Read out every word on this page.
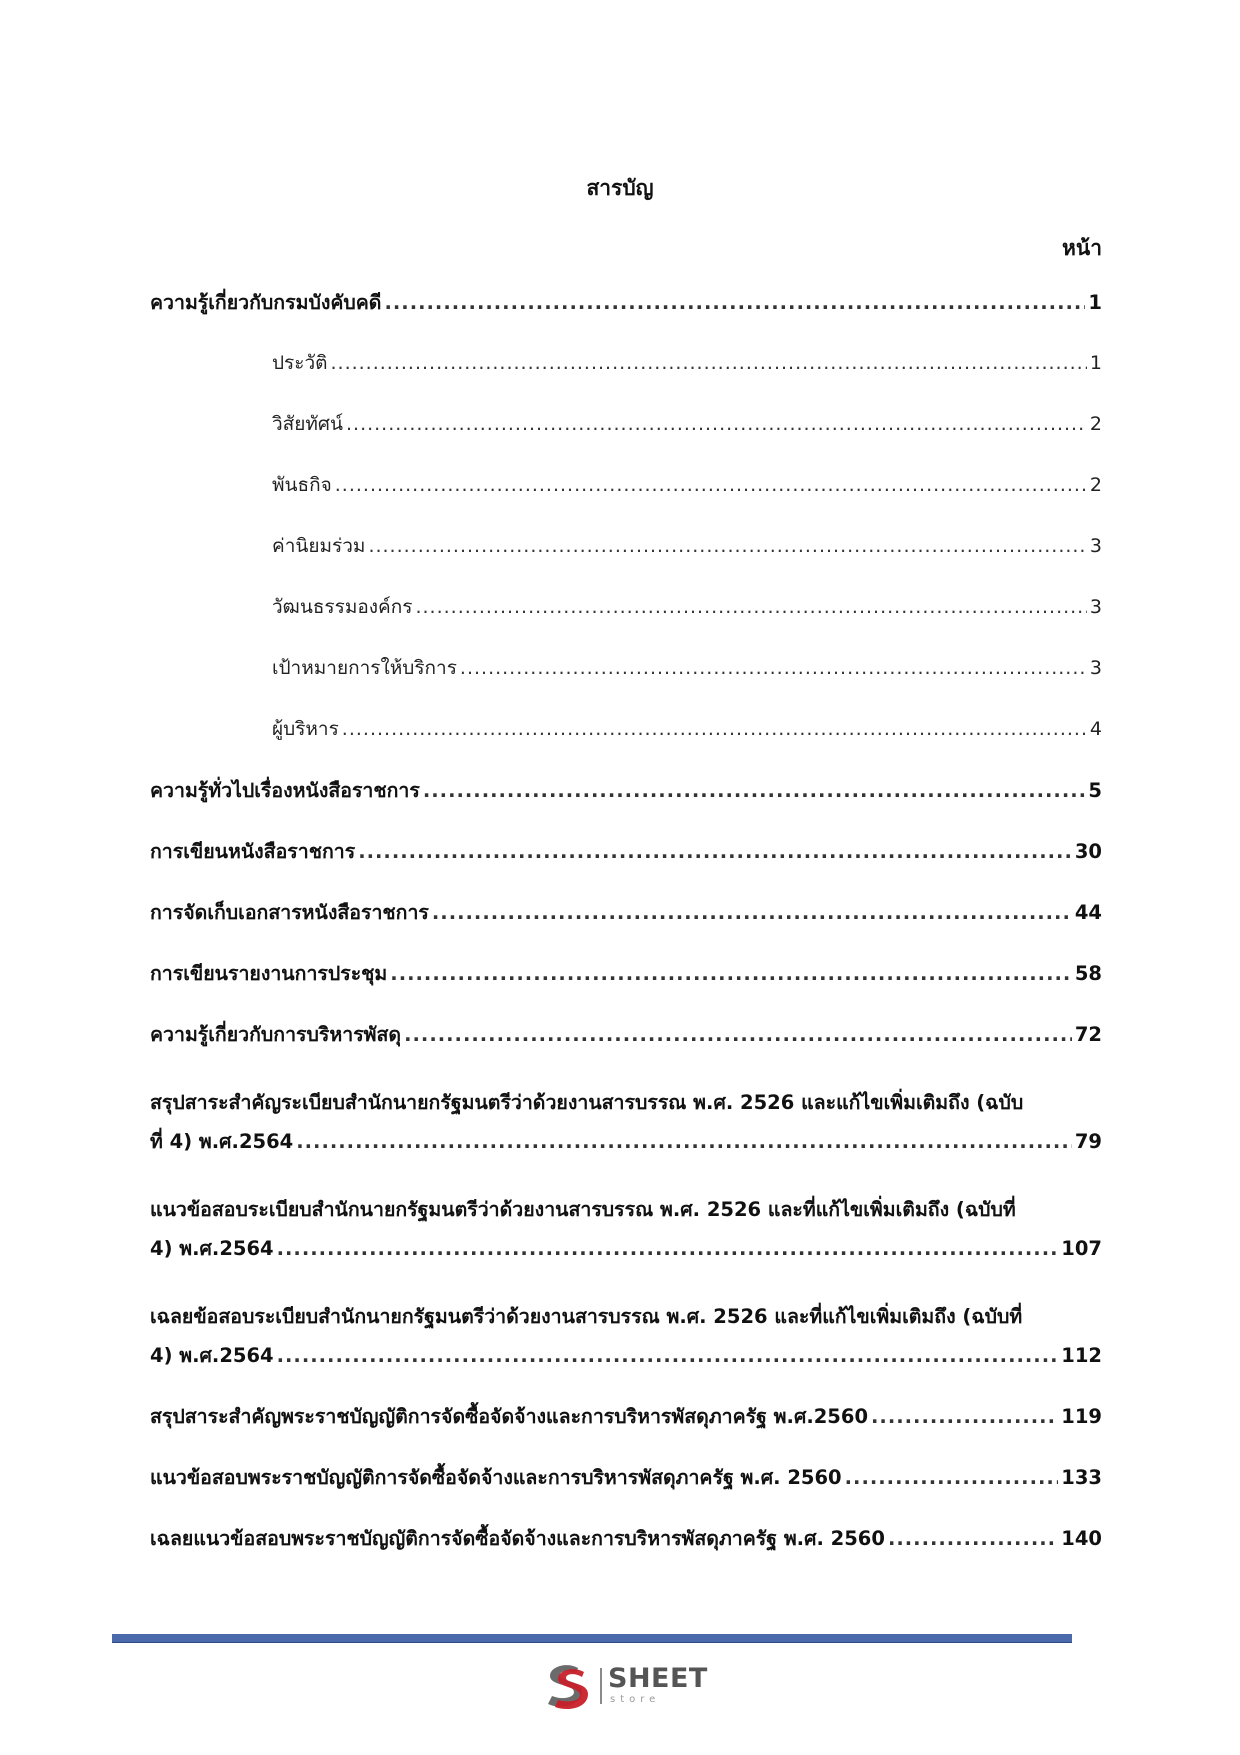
สารบัญ
หน้า
ความรู้เกี่ยวกับกรมบังคับคดี .....	1
ประวัติ .....	1
วิสัยทัศน์ .....	2
พันธกิจ .....	2
ค่านิยมร่วม .....	3
วัฒนธรรมองค์กร .....	3
เป้าหมายการให้บริการ .....	3
ผู้บริหาร .....	4
ความรู้ทั่วไปเรื่องหนังสือราชการ .....	5
การเขียนหนังสือราชการ .....	30
การจัดเก็บเอกสารหนังสือราชการ .....	44
การเขียนรายงานการประชุม .....	58
ความรู้เกี่ยวกับการบริหารพัสดุ .....	72
สรุปสาระสำคัญระเบียบสำนักนายกรัฐมนตรีว่าด้วยงานสารบรรณ พ.ศ. 2526 และแก้ไขเพิ่มเติมถึง (ฉบับ
ที่ 4) พ.ศ.2564 .....	79
แนวข้อสอบระเบียบสำนักนายกรัฐมนตรีว่าด้วยงานสารบรรณ พ.ศ. 2526 และที่แก้ไขเพิ่มเติมถึง (ฉบับที่
4) พ.ศ.2564 .....	107
เฉลยข้อสอบระเบียบสำนักนายกรัฐมนตรีว่าด้วยงานสารบรรณ พ.ศ. 2526 และที่แก้ไขเพิ่มเติมถึง (ฉบับที่
4) พ.ศ.2564 .....	112
สรุปสาระสำคัญพระราชบัญญัติการจัดซื้อจัดจ้างและการบริหารพัสดุภาครัฐ พ.ศ.2560 .....	119
แนวข้อสอบพระราชบัญญัติการจัดซื้อจัดจ้างและการบริหารพัสดุภาครัฐ พ.ศ. 2560 .....	133
เฉลยแนวข้อสอบพระราชบัญญัติการจัดซื้อจัดจ้างและการบริหารพัสดุภาครัฐ พ.ศ. 2560 .....	140
SHEET
store
